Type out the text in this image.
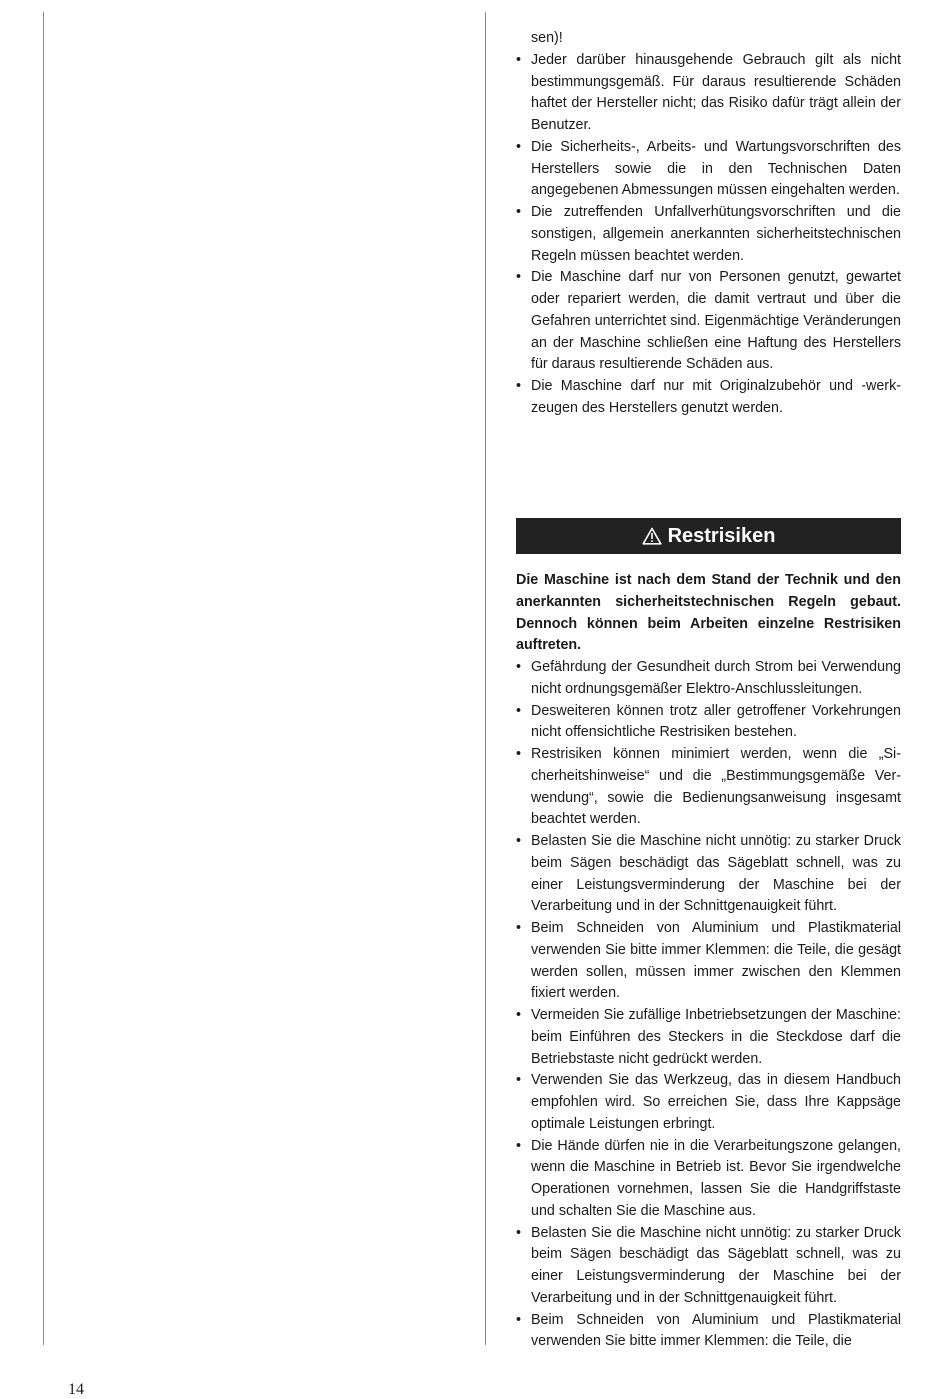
sen)!

• Jeder darüber hinausgehende Gebrauch gilt als nicht bestimmungsgemäß. Für daraus resultierende Schäden haftet der Hersteller nicht; das Risiko dafür trägt allein der Benutzer.
• Die Sicherheits-, Arbeits- und Wartungsvorschriften des Herstellers sowie die in den Technischen Daten angegebenen Abmessungen müssen eingehalten werden.
• Die zutreffenden Unfallverhütungsvorschriften und die sonstigen, allgemein anerkannten sicherheitstechnischen Regeln müssen beachtet werden.
• Die Maschine darf nur von Personen genutzt, gewartet oder repariert werden, die damit vertraut und über die Gefahren unterrichtet sind. Eigenmächtige Veränderungen an der Maschine schließen eine Haftung des Herstellers für daraus resultierende Schäden aus.
• Die Maschine darf nur mit Originalzubehör und -werkzeugen des Herstellers genutzt werden.
Restrisiken

Die Maschine ist nach dem Stand der Technik und den anerkannten sicherheitstechnischen Regeln gebaut. Dennoch können beim Arbeiten einzelne Restrisiken auftreten.

• Gefährdung der Gesundheit durch Strom bei Verwendung nicht ordnungsgemäßer Elektro-Anschlussleitungen.
• Desweiteren können trotz aller getroffener Vorkehrungen nicht offensichtliche Restrisiken bestehen.
• Restrisiken können minimiert werden, wenn die „Sicherheitshinweise“ und die „Bestimmungsgemäße Verwendung“, sowie die Bedienungsanweisung insgesamt beachtet werden.
• Belasten Sie die Maschine nicht unnötig: zu starker Druck beim Sägen beschädigt das Sägeblatt schnell, was zu einer Leistungsverminderung der Maschine bei der Verarbeitung und in der Schnittgenauigkeit führt.
• Beim Schneiden von Aluminium und Plastikmaterial verwenden Sie bitte immer Klemmen: die Teile, die gesägt werden sollen, müssen immer zwischen den Klemmen fixiert werden.
• Vermeiden Sie zufällige Inbetriebsetzungen der Maschine: beim Einführen des Steckers in die Steckdose darf die Betriebstaste nicht gedrückt werden.
• Verwenden Sie das Werkzeug, das in diesem Handbuch empfohlen wird. So erreichen Sie, dass Ihre Kappsäge optimale Leistungen erbringt.
• Die Hände dürfen nie in die Verarbeitungszone gelangen, wenn die Maschine in Betrieb ist. Bevor Sie irgendwelche Operationen vornehmen, lassen Sie die Handgriffstaste und schalten Sie die Maschine aus.
• Belasten Sie die Maschine nicht unnötig: zu starker Druck beim Sägen beschädigt das Sägeblatt schnell, was zu einer Leistungsverminderung der Maschine bei der Verarbeitung und in der Schnittgenauigkeit führt.
• Beim Schneiden von Aluminium und Plastikmaterial verwenden Sie bitte immer Klemmen: die Teile, die
14
